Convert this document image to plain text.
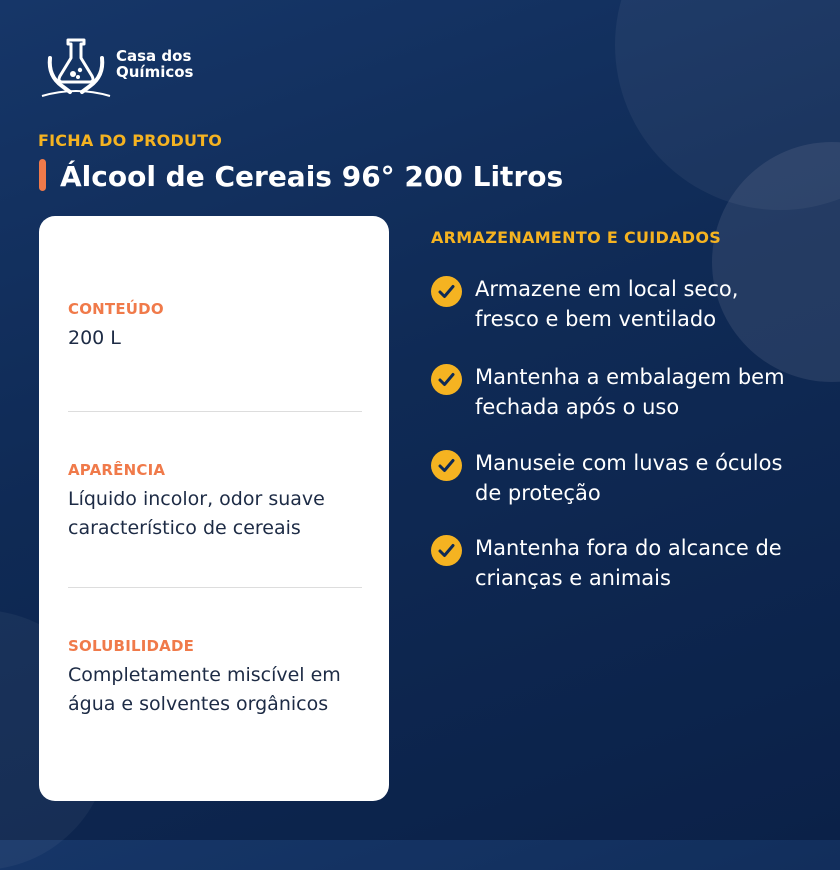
Casa dos
Químicos
FICHA DO PRODUTO
Álcool de Cereais 96° 200 Litros
CONTEÚDO
200 L
APARÊNCIA
Líquido incolor, odor suave característico de cereais
SOLUBILIDADE
Completamente miscível em água e solventes orgânicos
ARMAZENAMENTO E CUIDADOS
Armazene em local seco, fresco e bem ventilado
Mantenha a embalagem bem fechada após o uso
Manuseie com luvas e óculos de proteção
Mantenha fora do alcance de crianças e animais
